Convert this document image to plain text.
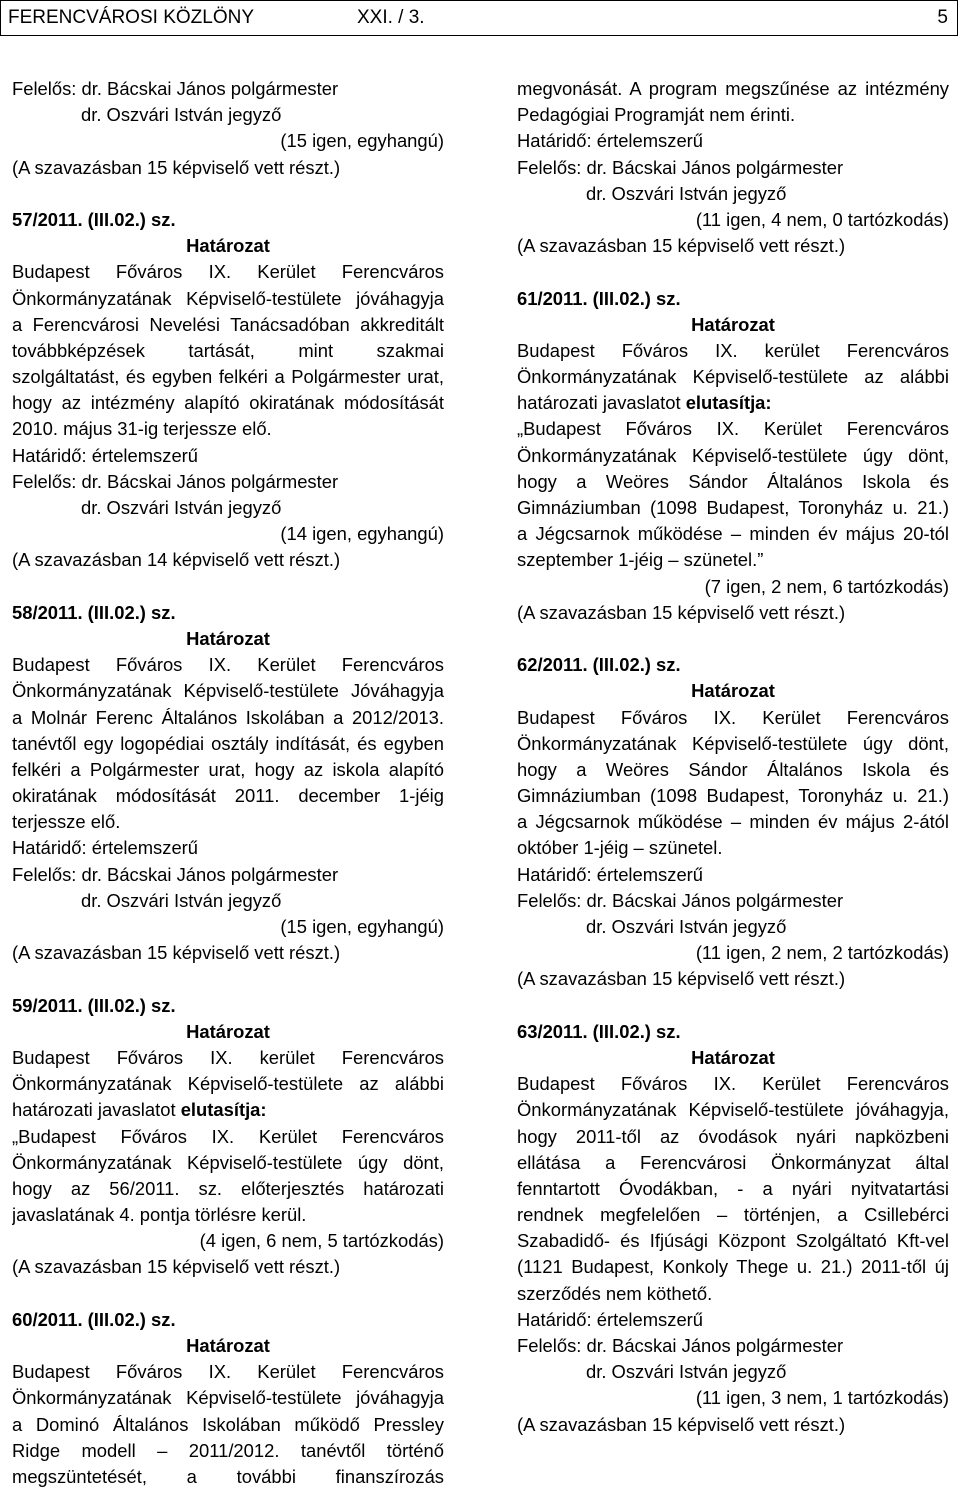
FERENCVÁROSI KÖZLÖNY	XXI. / 3.	5
Felelős: dr. Bácskai János polgármester
dr. Oszvári István jegyző
(15 igen, egyhangú)
(A szavazásban 15 képviselő vett részt.)
57/2011. (III.02.) sz.
Határozat
Budapest Főváros IX. Kerület Ferencváros
Önkormányzatának Képviselő-testülete jóváhagyja
a Ferencvárosi Nevelési Tanácsadóban akkreditált
továbbképzések tartását, mint szakmai
szolgáltatást, és egyben felkéri a Polgármester urat,
hogy az intézmény alapító okiratának módosítását
2010. május 31-ig terjessze elő.
Határidő: értelemszerű
Felelős: dr. Bácskai János polgármester
dr. Oszvári István jegyző
(14 igen, egyhangú)
(A szavazásban 14 képviselő vett részt.)
58/2011. (III.02.) sz.
Határozat
Budapest Főváros IX. Kerület Ferencváros
Önkormányzatának Képviselő-testülete Jóváhagyja
a Molnár Ferenc Általános Iskolában a 2012/2013.
tanévtől egy logopédiai osztály indítását, és egyben
felkéri a Polgármester urat, hogy az iskola alapító
okiratának módosítását 2011. december 1-jéig
terjessze elő.
Határidő: értelemszerű
Felelős: dr. Bácskai János polgármester
dr. Oszvári István jegyző
(15 igen, egyhangú)
(A szavazásban 15 képviselő vett részt.)
59/2011. (III.02.) sz.
Határozat
Budapest Főváros IX. kerület Ferencváros
Önkormányzatának Képviselő-testülete az alábbi
határozati javaslatot elutasítja:
„Budapest Főváros IX. Kerület Ferencváros
Önkormányzatának Képviselő-testülete úgy dönt,
hogy az 56/2011. sz. előterjesztés határozati
javaslatának 4. pontja törlésre kerül.
(4 igen, 6 nem, 5 tartózkodás)
(A szavazásban 15 képviselő vett részt.)
60/2011. (III.02.) sz.
Határozat
Budapest Főváros IX. Kerület Ferencváros
Önkormányzatának Képviselő-testülete jóváhagyja
a Dominó Általános Iskolában működő Pressley
Ridge modell – 2011/2012. tanévtől történő
megszüntetését, a további finanszírozás
megvonását. A program megszűnése az intézmény
Pedagógiai Programját nem érinti.
Határidő: értelemszerű
Felelős: dr. Bácskai János polgármester
dr. Oszvári István jegyző
(11 igen, 4 nem, 0 tartózkodás)
(A szavazásban 15 képviselő vett részt.)
61/2011. (III.02.) sz.
Határozat
Budapest Főváros IX. kerület Ferencváros
Önkormányzatának Képviselő-testülete az alábbi
határozati javaslatot elutasítja:
„Budapest Főváros IX. Kerület Ferencváros
Önkormányzatának Képviselő-testülete úgy dönt,
hogy a Weöres Sándor Általános Iskola és
Gimnáziumban (1098 Budapest, Toronyház u. 21.)
a Jégcsarnok működése – minden év május 20-tól
szeptember 1-jéig – szünetel.”
(7 igen, 2 nem, 6 tartózkodás)
(A szavazásban 15 képviselő vett részt.)
62/2011. (III.02.) sz.
Határozat
Budapest Főváros IX. Kerület Ferencváros
Önkormányzatának Képviselő-testülete úgy dönt,
hogy a Weöres Sándor Általános Iskola és
Gimnáziumban (1098 Budapest, Toronyház u. 21.)
a Jégcsarnok működése – minden év május 2-ától
október 1-jéig – szünetel.
Határidő: értelemszerű
Felelős: dr. Bácskai János polgármester
dr. Oszvári István jegyző
(11 igen, 2 nem, 2 tartózkodás)
(A szavazásban 15 képviselő vett részt.)
63/2011. (III.02.) sz.
Határozat
Budapest Főváros IX. Kerület Ferencváros
Önkormányzatának Képviselő-testülete jóváhagyja,
hogy 2011-től az óvodások nyári napközbeni
ellátása a Ferencvárosi Önkormányzat által
fenntartott Óvodákban, - a nyári nyitvatartási
rendnek megfelelően – történjen, a Csillebérci
Szabadidő- és Ifjúsági Központ Szolgáltató Kft-vel
(1121 Budapest, Konkoly Thege u. 21.) 2011-től új
szerződés nem köthető.
Határidő: értelemszerű
Felelős: dr. Bácskai János polgármester
dr. Oszvári István jegyző
(11 igen, 3 nem, 1 tartózkodás)
(A szavazásban 15 képviselő vett részt.)
